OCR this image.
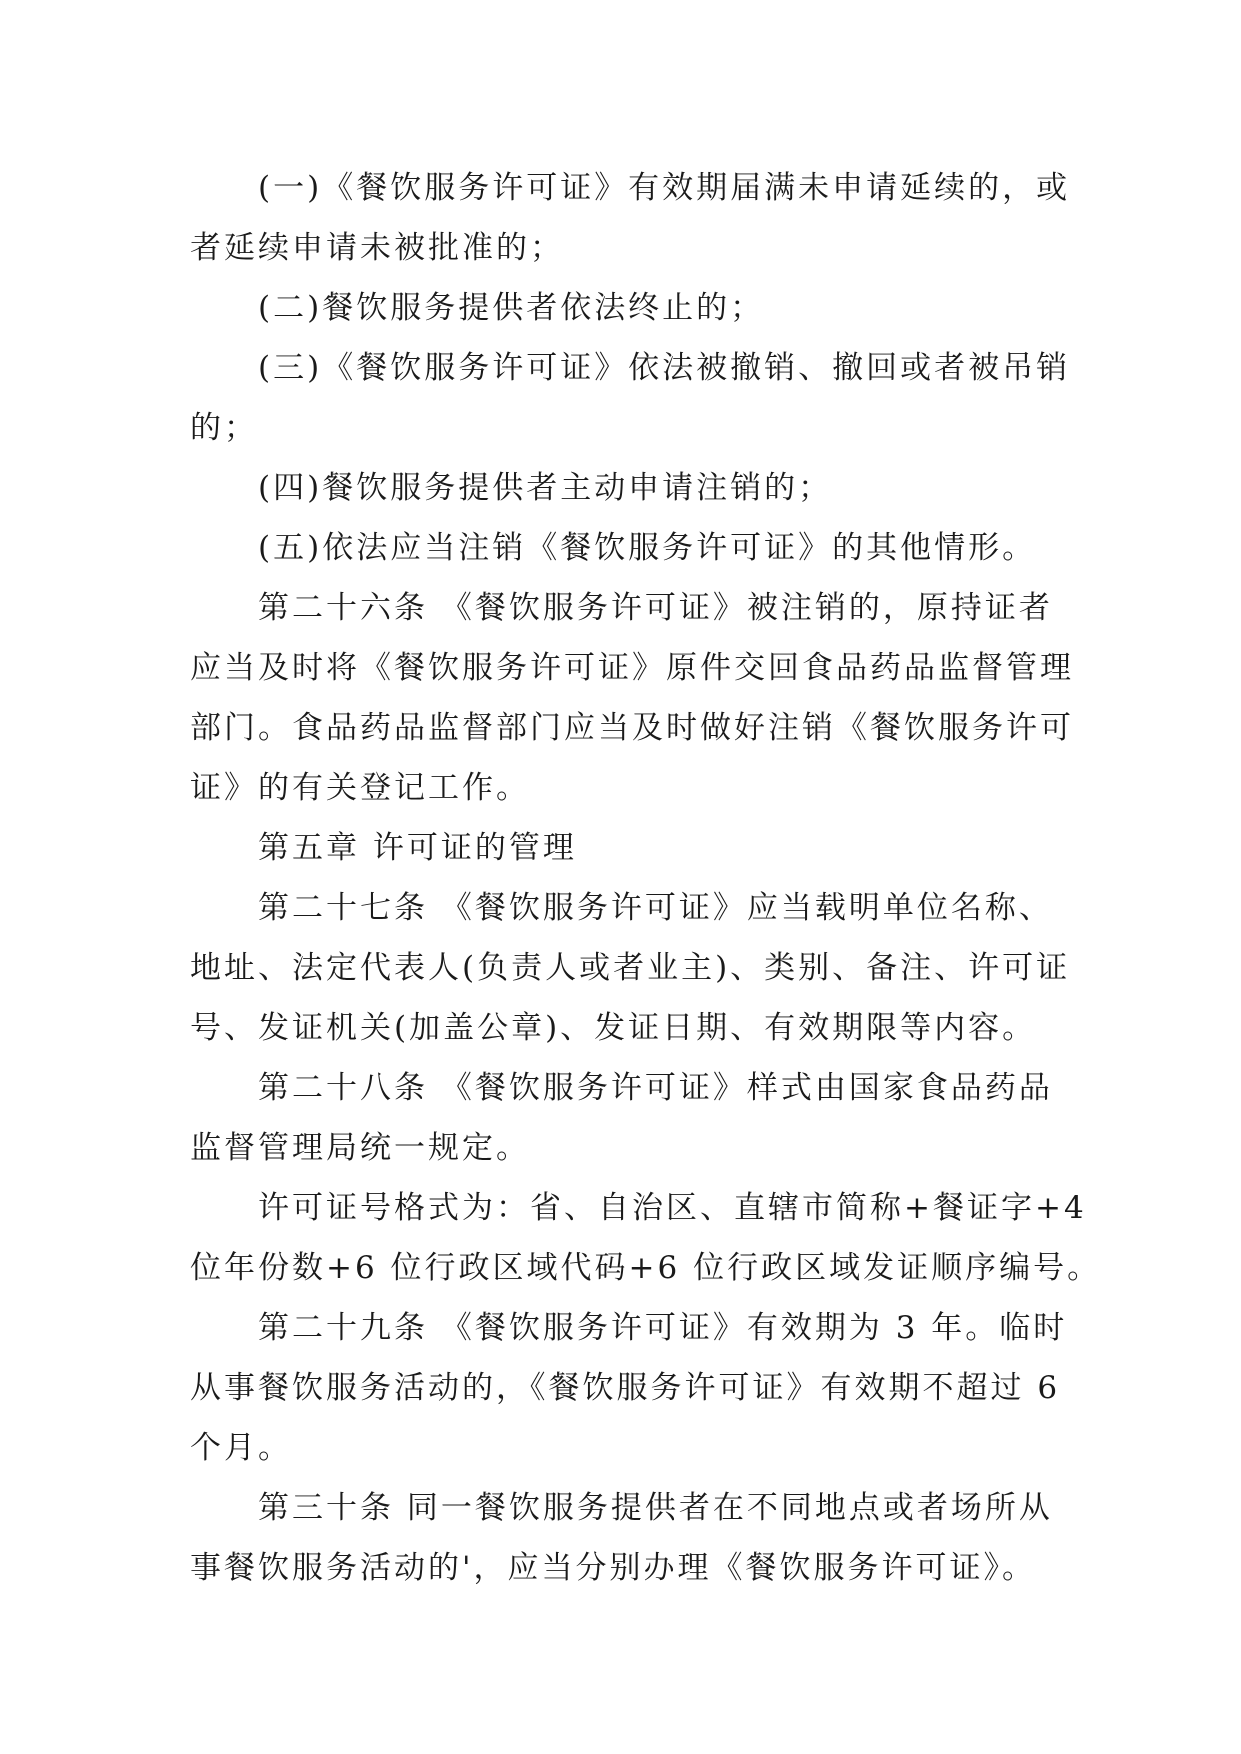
(一)《餐饮服务许可证》有效期届满未申请延续的，或
者延续申请未被批准的；

(二)餐饮服务提供者依法终止的；

(三)《餐饮服务许可证》依法被撤销、撤回或者被吊销
的；

(四)餐饮服务提供者主动申请注销的；

(五)依法应当注销《餐饮服务许可证》的其他情形。

第二十六条 《餐饮服务许可证》被注销的，原持证者
应当及时将《餐饮服务许可证》原件交回食品药品监督管理
部门。食品药品监督部门应当及时做好注销《餐饮服务许可
证》的有关登记工作。

第五章 许可证的管理

第二十七条 《餐饮服务许可证》应当载明单位名称、
地址、法定代表人(负责人或者业主)、类别、备注、许可证
号、发证机关(加盖公章)、发证日期、有效期限等内容。

第二十八条 《餐饮服务许可证》样式由国家食品药品
监督管理局统一规定。

许可证号格式为：省、自治区、直辖市简称+餐证字+4
位年份数+6 位行政区域代码+6 位行政区域发证顺序编号。

第二十九条 《餐饮服务许可证》有效期为 3 年。临时
从事餐饮服务活动的，《餐饮服务许可证》有效期不超过 6
个月。

第三十条 同一餐饮服务提供者在不同地点或者场所从
事餐饮服务活动的'，应当分别办理《餐饮服务许可证》。
